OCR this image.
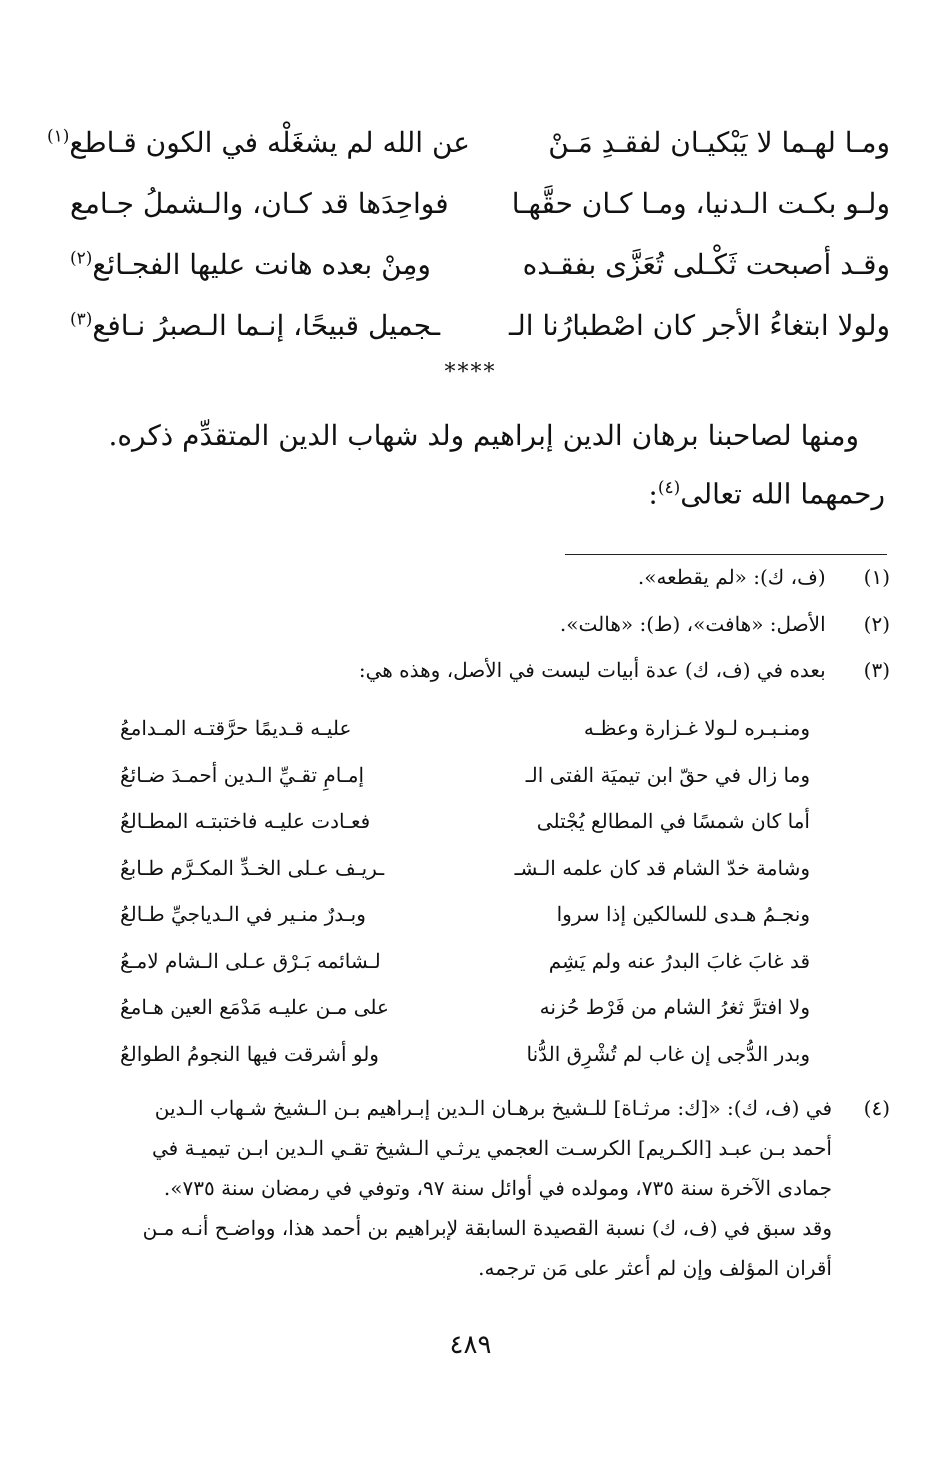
ومـا لهـما لا يَبْكيـان لفقـدِ مَـنْ
عن الله لم يشغَلْه في الكون قـاطع$^{(١)}$
ولـو بكـت الـدنيا، ومـا كـان حقَّهـا
فواحِدَها قد كـان، والـشملُ جـامع
وقـد أصبحت ثَكْـلى تُعَزَّى بفقـده
ومِنْ بعده هانت عليها الفجـائع$^{(٢)}$
ولولا ابتغاءُ الأجر كان اصْطبارُنا الـ
ـجميل قبيحًا، إنـما الـصبرُ نـافع$^{(٣)}$
****

ومنها لصاحبنا برهان الدين إبراهيم ولد شهاب الدين المتقدِّم ذكره.

رحمهما الله تعالى$^{(٤)}$:

(١) (ف، ك): «لم يقطعه».
(٢) الأصل: «هافت»، (ط): «هالت».
(٣) بعده في (ف، ك) عدة أبيات ليست في الأصل، وهذه هي:
ومنـبـره لـولا غـزارة وعظـه
عليـه قـديمًا حرَّقتـه المـدامعُ
وما زال في حقّ ابن تيميَة الفتى الـ
إمـامِ تقـيِّ الـدين أحمـدَ ضـائعُ
أما كان شمسًا في المطالع يُجْتلى
فعـادت عليـه فاختبتـه المطـالعُ
وشامة خدّ الشام قد كان علمه الـشـ
ـريـف عـلى الخـدِّ المكـرَّم طـابعُ
ونجـمُ هـدى للسالكين إذا سروا
وبـدرٌ منـير في الـدياجيِّ طـالعُ
قد غابَ غابَ البدرُ عنه ولم يَشِم
لـشائمه بَـرْق عـلى الـشام لامـعُ
ولا افترَّ ثغرُ الشام من فَرْط حُزنه
على مـن عليـه مَدْمَع العين هـامعُ
وبدر الدُّجى إن غاب لم تُشْرِق الدُّنا
ولو أشرقت فيها النجومُ الطوالعُ
(٤)في (ف، ك): «[ك: مرثـاة] للـشيخ برهـان الـدين إبـراهيم بـن الـشيخ شـهاب الـدين
أحمد بـن عبـد [الكـريم] الكرسـت العجمي يرثـي الـشيخ تقـي الـدين ابـن تيميـة في
جمادى الآخرة سنة ٧٣٥، ومولده في أوائل سنة ٩٧، وتوفي في رمضان سنة ٧٣٥».
وقد سبق في (ف، ك) نسبة القصيدة السابقة لإبراهيم بن أحمد هذا، وواضـح أنـه مـن
أقران المؤلف وإن لم أعثر على مَن ترجمه.
٤٨٩
